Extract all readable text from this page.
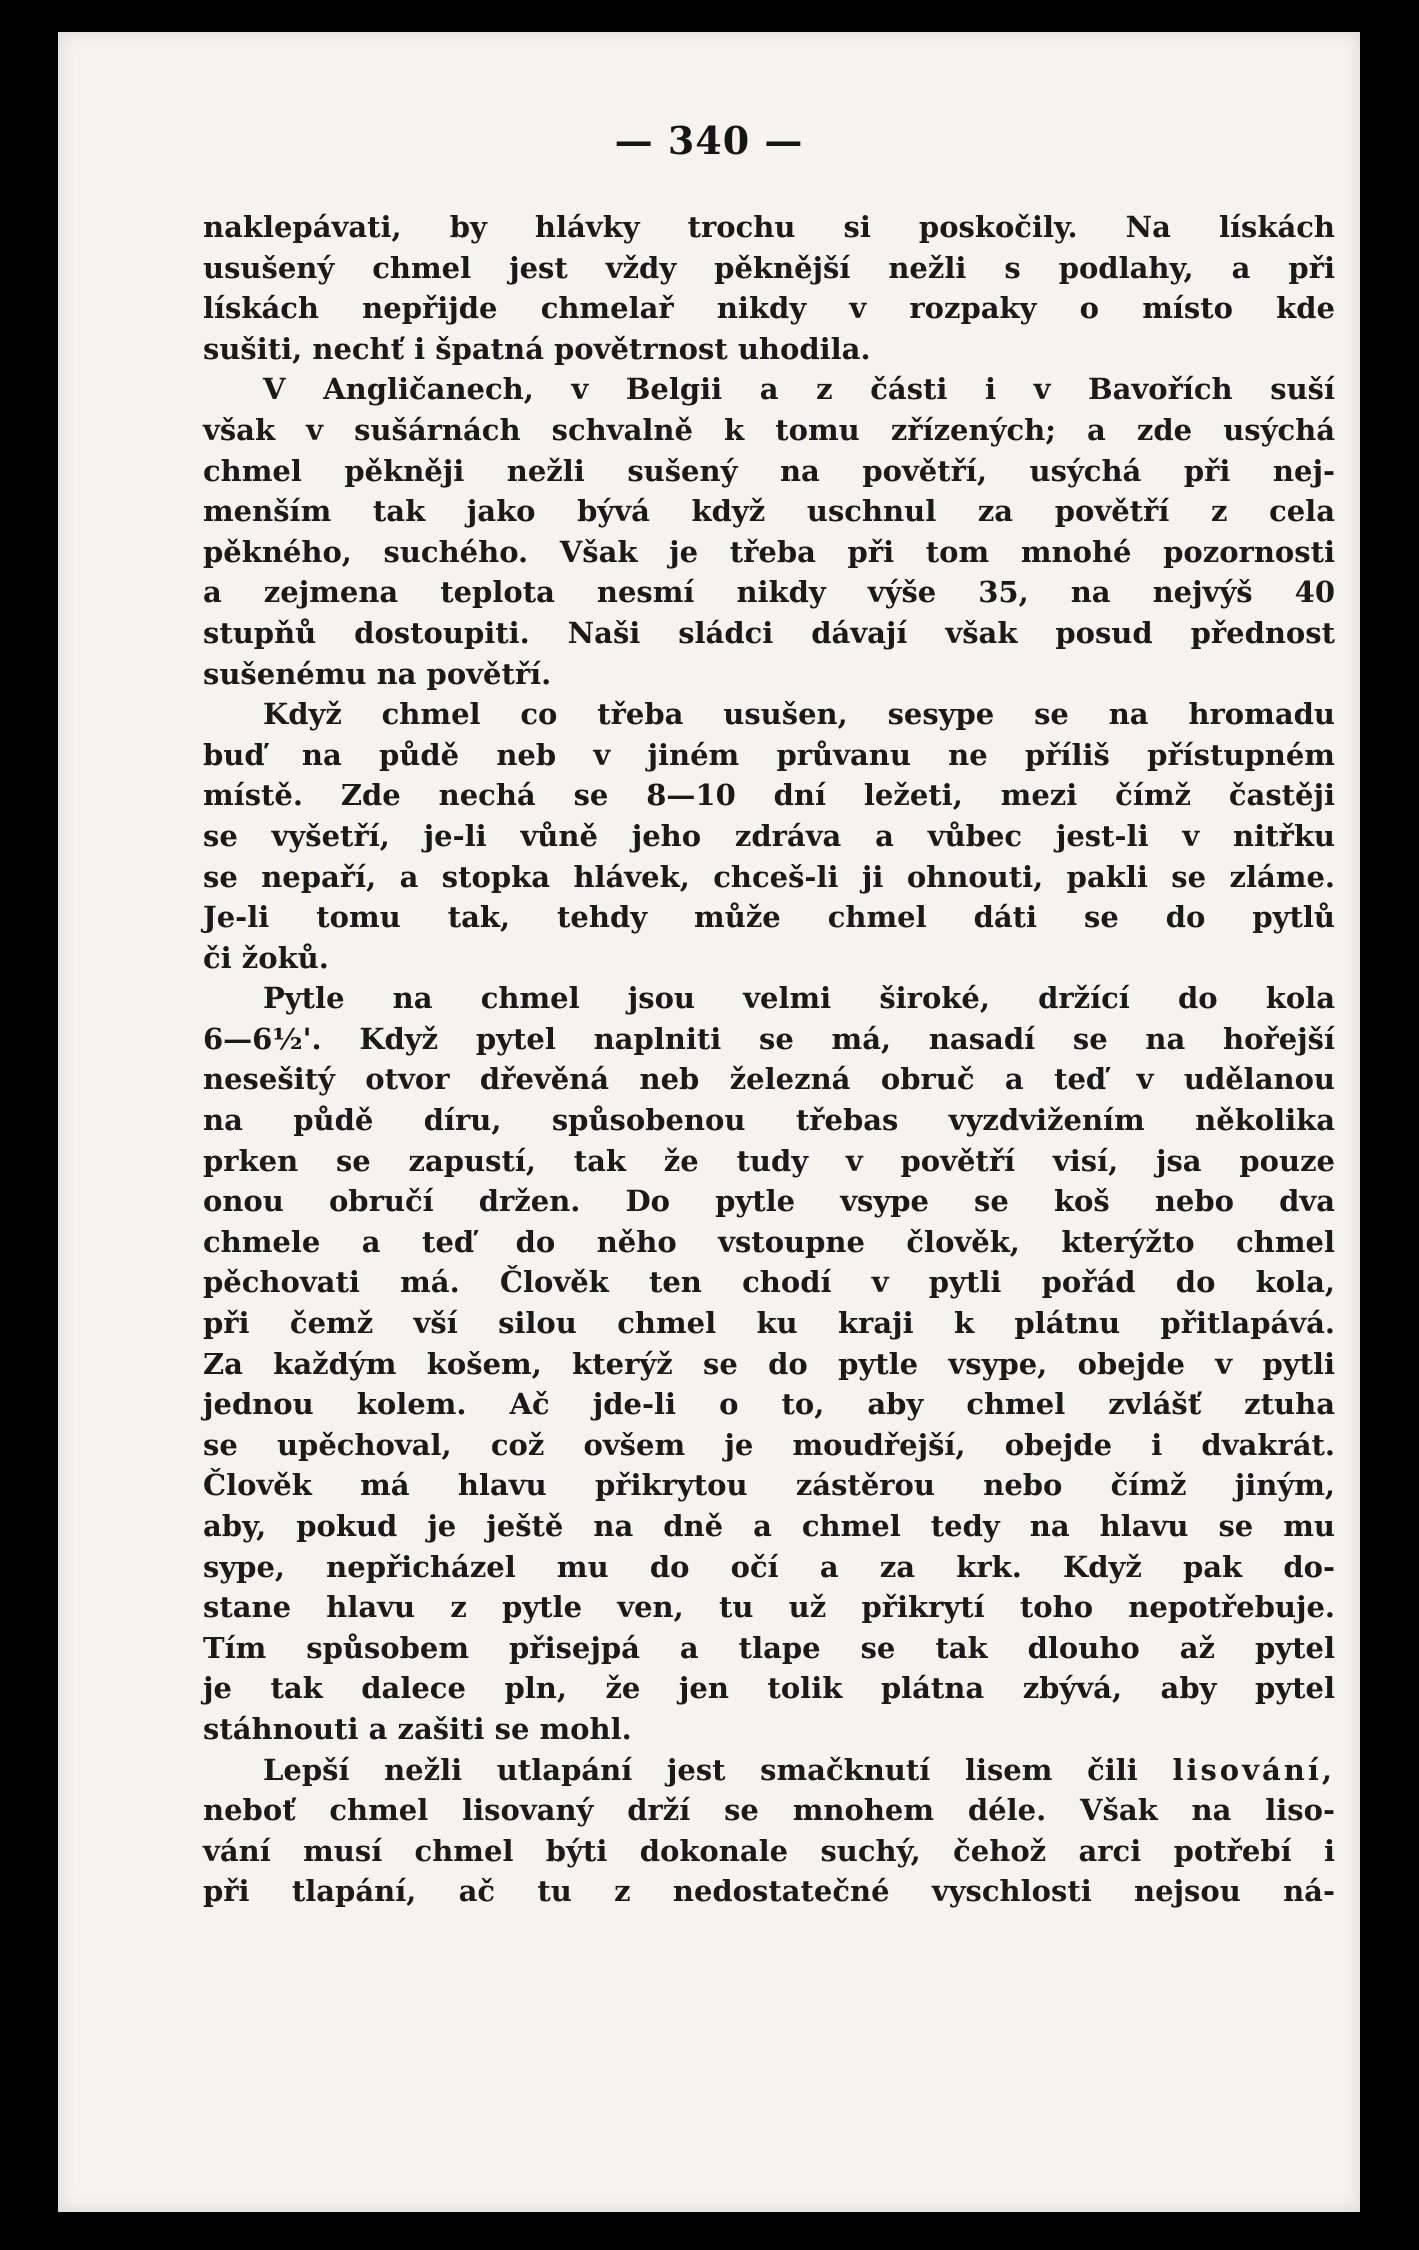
— 340 —
naklepávati, by hlávky trochu si poskočily. Na lískách
usušený chmel jest vždy pěknější nežli s podlahy, a při
lískách nepřijde chmelař nikdy v rozpaky o místo kde
sušiti, nechť i špatná povětrnost uhodila.
V Angličanech, v Belgii a z části i v Bavořích suší
však v sušárnách schvalně k tomu zřízených; a zde usýchá
chmel pěkněji nežli sušený na povětří, usýchá při nej-
menším tak jako bývá když uschnul za povětří z cela
pěkného, suchého. Však je třeba při tom mnohé pozornosti
a zejmena teplota nesmí nikdy výše 35, na nejvýš 40
stupňů dostoupiti. Naši sládci dávají však posud přednost
sušenému na povětří.
Když chmel co třeba usušen, sesype se na hromadu
buď na půdě neb v jiném průvanu ne příliš přístupném
místě. Zde nechá se 8—10 dní ležeti, mezi čímž častěji
se vyšetří, je-li vůně jeho zdráva a vůbec jest-li v nitřku
se nepaří, a stopka hlávek, chceš-li ji ohnouti, pakli se zláme.
Je-li tomu tak, tehdy může chmel dáti se do pytlů
či žoků.
Pytle na chmel jsou velmi široké, držící do kola
6—6½'. Když pytel naplniti se má, nasadí se na hořejší
nesešitý otvor dřevěná neb železná obruč a teď v udělanou
na půdě díru, spůsobenou třebas vyzdvižením několika
prken se zapustí, tak že tudy v povětří visí, jsa pouze
onou obručí držen. Do pytle vsype se koš nebo dva
chmele a teď do něho vstoupne člověk, kterýžto chmel
pěchovati má. Člověk ten chodí v pytli pořád do kola,
při čemž vší silou chmel ku kraji k plátnu přitlapává.
Za každým košem, kterýž se do pytle vsype, obejde v pytli
jednou kolem. Ač jde-li o to, aby chmel zvlášť ztuha
se upěchoval, což ovšem je moudřejší, obejde i dvakrát.
Člověk má hlavu přikrytou zástěrou nebo čímž jiným,
aby, pokud je ještě na dně a chmel tedy na hlavu se mu
sype, nepřicházel mu do očí a za krk. Když pak do-
stane hlavu z pytle ven, tu už přikrytí toho nepotřebuje.
Tím spůsobem přisejpá a tlape se tak dlouho až pytel
je tak dalece pln, že jen tolik plátna zbývá, aby pytel
stáhnouti a zašiti se mohl.
Lepší nežli utlapání jest smačknutí lisem čili lisování,
neboť chmel lisovaný drží se mnohem déle. Však na liso-
vání musí chmel býti dokonale suchý, čehož arci potřebí i
při tlapání, ač tu z nedostatečné vyschlosti nejsou ná-
